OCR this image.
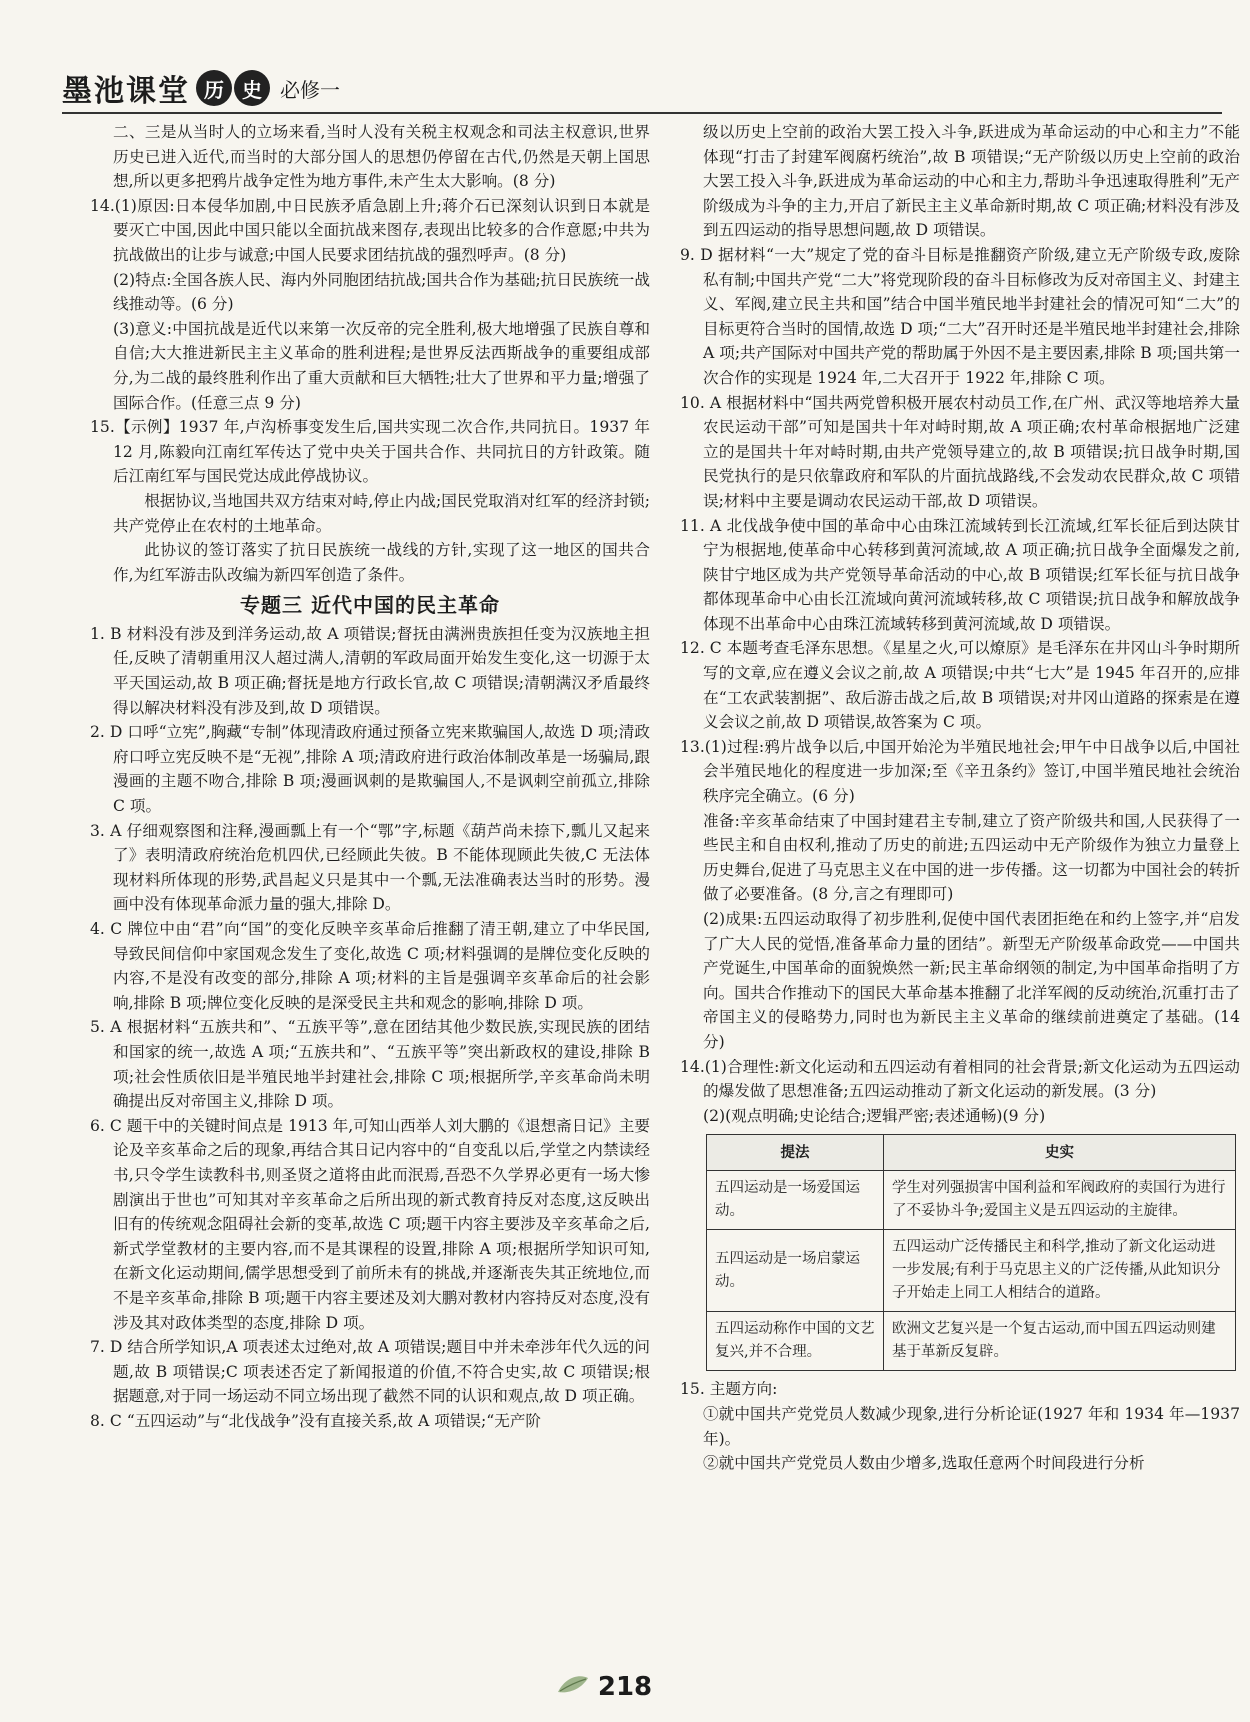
墨池课堂 历 史 必修一

二、三是从当时人的立场来看,当时人没有关税主权观念和司法主权意识,世界历史已进入近代,而当时的大部分国人的思想仍停留在古代,仍然是天朝上国思想,所以更多把鸦片战争定性为地方事件,未产生太大影响。(8 分)

14.(1)原因:日本侵华加剧,中日民族矛盾急剧上升;蒋介石已深刻认识到日本就是要灭亡中国,因此中国只能以全面抗战来图存,表现出比较多的合作意愿;中共为抗战做出的让步与诚意;中国人民要求团结抗战的强烈呼声。(8 分)

(2)特点:全国各族人民、海内外同胞团结抗战;国共合作为基础;抗日民族统一战线推动等。(6 分)

(3)意义:中国抗战是近代以来第一次反帝的完全胜利,极大地增强了民族自尊和自信;大大推进新民主主义革命的胜利进程;是世界反法西斯战争的重要组成部分,为二战的最终胜利作出了重大贡献和巨大牺牲;壮大了世界和平力量;增强了国际合作。(任意三点 9 分)

15.【示例】1937 年,卢沟桥事变发生后,国共实现二次合作,共同抗日。1937 年 12 月,陈毅向江南红军传达了党中央关于国共合作、共同抗日的方针政策。随后江南红军与国民党达成此停战协议。

根据协议,当地国共双方结束对峙,停止内战;国民党取消对红军的经济封锁;共产党停止在农村的土地革命。

此协议的签订落实了抗日民族统一战线的方针,实现了这一地区的国共合作,为红军游击队改编为新四军创造了条件。

专题三 近代中国的民主革命

1. B 材料没有涉及到洋务运动,故 A 项错误;督抚由满洲贵族担任变为汉族地主担任,反映了清朝重用汉人超过满人,清朝的军政局面开始发生变化,这一切源于太平天国运动,故 B 项正确;督抚是地方行政长官,故 C 项错误;清朝满汉矛盾最终得以解决材料没有涉及到,故 D 项错误。

2. D 口呼“立宪”,胸藏“专制”体现清政府通过预备立宪来欺骗国人,故选 D 项;清政府口呼立宪反映不是“无视”,排除 A 项;清政府进行政治体制改革是一场骗局,跟漫画的主题不吻合,排除 B 项;漫画讽刺的是欺骗国人,不是讽刺空前孤立,排除 C 项。

3. A 仔细观察图和注释,漫画瓢上有一个“鄂”字,标题《葫芦尚未捺下,瓢儿又起来了》表明清政府统治危机四伏,已经顾此失彼。B 不能体现顾此失彼,C 无法体现材料所体现的形势,武昌起义只是其中一个瓢,无法准确表达当时的形势。漫画中没有体现革命派力量的强大,排除 D。

4. C 牌位中由“君”向“国”的变化反映辛亥革命后推翻了清王朝,建立了中华民国,导致民间信仰中家国观念发生了变化,故选 C 项;材料强调的是牌位变化反映的内容,不是没有改变的部分,排除 A 项;材料的主旨是强调辛亥革命后的社会影响,排除 B 项;牌位变化反映的是深受民主共和观念的影响,排除 D 项。

5. A 根据材料“五族共和”、“五族平等”,意在团结其他少数民族,实现民族的团结和国家的统一,故选 A 项;“五族共和”、“五族平等”突出新政权的建设,排除 B 项;社会性质依旧是半殖民地半封建社会,排除 C 项;根据所学,辛亥革命尚未明确提出反对帝国主义,排除 D 项。

6. C 题干中的关键时间点是 1913 年,可知山西举人刘大鹏的《退想斋日记》主要论及辛亥革命之后的现象,再结合其日记内容中的“自变乱以后,学堂之内禁读经书,只令学生读教科书,则圣贤之道将由此而泯焉,吾恐不久学界必更有一场大惨剧演出于世也”可知其对辛亥革命之后所出现的新式教育持反对态度,这反映出旧有的传统观念阻碍社会新的变革,故选 C 项;题干内容主要涉及辛亥革命之后,新式学堂教材的主要内容,而不是其课程的设置,排除 A 项;根据所学知识可知,在新文化运动期间,儒学思想受到了前所未有的挑战,并逐渐丧失其正统地位,而不是辛亥革命,排除 B 项;题干内容主要述及刘大鹏对教材内容持反对态度,没有涉及其对政体类型的态度,排除 D 项。

7. D 结合所学知识,A 项表述太过绝对,故 A 项错误;题目中并未牵涉年代久远的问题,故 B 项错误;C 项表述否定了新闻报道的价值,不符合史实,故 C 项错误;根据题意,对于同一场运动不同立场出现了截然不同的认识和观点,故 D 项正确。

8. C “五四运动”与“北伐战争”没有直接关系,故 A 项错误;“无产阶

级以历史上空前的政治大罢工投入斗争,跃进成为革命运动的中心和主力”不能体现“打击了封建军阀腐朽统治”,故 B 项错误;“无产阶级以历史上空前的政治大罢工投入斗争,跃进成为革命运动的中心和主力,帮助斗争迅速取得胜利”无产阶级成为斗争的主力,开启了新民主主义革命新时期,故 C 项正确;材料没有涉及到五四运动的指导思想问题,故 D 项错误。

9. D 据材料“一大”规定了党的奋斗目标是推翻资产阶级,建立无产阶级专政,废除私有制;中国共产党“二大”将党现阶段的奋斗目标修改为反对帝国主义、封建主义、军阀,建立民主共和国”结合中国半殖民地半封建社会的情况可知“二大”的目标更符合当时的国情,故选 D 项;“二大”召开时还是半殖民地半封建社会,排除 A 项;共产国际对中国共产党的帮助属于外因不是主要因素,排除 B 项;国共第一次合作的实现是 1924 年,二大召开于 1922 年,排除 C 项。

10. A 根据材料中“国共两党曾积极开展农村动员工作,在广州、武汉等地培养大量农民运动干部”可知是国共十年对峙时期,故 A 项正确;农村革命根据地广泛建立的是国共十年对峙时期,由共产党领导建立的,故 B 项错误;抗日战争时期,国民党执行的是只依靠政府和军队的片面抗战路线,不会发动农民群众,故 C 项错误;材料中主要是调动农民运动干部,故 D 项错误。

11. A 北伐战争使中国的革命中心由珠江流域转到长江流域,红军长征后到达陕甘宁为根据地,使革命中心转移到黄河流域,故 A 项正确;抗日战争全面爆发之前,陕甘宁地区成为共产党领导革命活动的中心,故 B 项错误;红军长征与抗日战争都体现革命中心由长江流域向黄河流域转移,故 C 项错误;抗日战争和解放战争体现不出革命中心由珠江流域转移到黄河流域,故 D 项错误。

12. C 本题考查毛泽东思想。《星星之火,可以燎原》是毛泽东在井冈山斗争时期所写的文章,应在遵义会议之前,故 A 项错误;中共“七大”是 1945 年召开的,应排在“工农武装割据”、敌后游击战之后,故 B 项错误;对井冈山道路的探索是在遵义会议之前,故 D 项错误,故答案为 C 项。

13.(1)过程:鸦片战争以后,中国开始沦为半殖民地社会;甲午中日战争以后,中国社会半殖民地化的程度进一步加深;至《辛丑条约》签订,中国半殖民地社会统治秩序完全确立。(6 分)

准备:辛亥革命结束了中国封建君主专制,建立了资产阶级共和国,人民获得了一些民主和自由权利,推动了历史的前进;五四运动中无产阶级作为独立力量登上历史舞台,促进了马克思主义在中国的进一步传播。这一切都为中国社会的转折做了必要准备。(8 分,言之有理即可)

(2)成果:五四运动取得了初步胜利,促使中国代表团拒绝在和约上签字,并“启发了广大人民的觉悟,准备革命力量的团结”。新型无产阶级革命政党——中国共产党诞生,中国革命的面貌焕然一新;民主革命纲领的制定,为中国革命指明了方向。国共合作推动下的国民大革命基本推翻了北洋军阀的反动统治,沉重打击了帝国主义的侵略势力,同时也为新民主主义革命的继续前进奠定了基础。(14 分)

14.(1)合理性:新文化运动和五四运动有着相同的社会背景;新文化运动为五四运动的爆发做了思想准备;五四运动推动了新文化运动的新发展。(3 分)

(2)(观点明确;史论结合;逻辑严密;表述通畅)(9 分)

提法	史实
五四运动是一场爱国运动。	学生对列强损害中国利益和军阀政府的卖国行为进行了不妥协斗争;爱国主义是五四运动的主旋律。
五四运动是一场启蒙运动。	五四运动广泛传播民主和科学,推动了新文化运动进一步发展;有利于马克思主义的广泛传播,从此知识分子开始走上同工人相结合的道路。
五四运动称作中国的文艺复兴,并不合理。	欧洲文艺复兴是一个复古运动,而中国五四运动则建基于革新反复辟。

15. 主题方向:

①就中国共产党党员人数减少现象,进行分析论证(1927 年和 1934 年—1937 年)。

②就中国共产党党员人数由少增多,选取任意两个时间段进行分析

218
